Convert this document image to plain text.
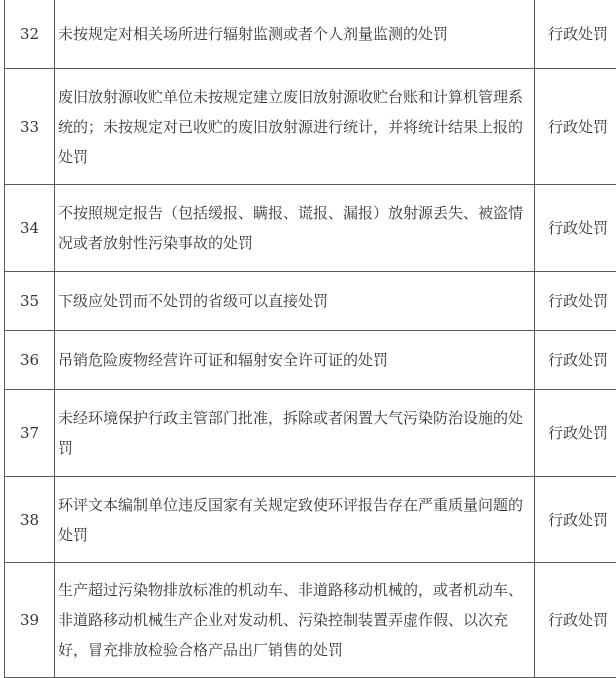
32	未按规定对相关场所进行辐射监测或者个人剂量监测的处罚	行政处罚
33	废旧放射源收贮单位未按规定建立废旧放射源收贮台账和计算机管理系统的；未按规定对已收贮的废旧放射源进行统计，并将统计结果上报的处罚	行政处罚
34	不按照规定报告（包括缓报、瞒报、谎报、漏报）放射源丢失、被盗情况或者放射性污染事故的处罚	行政处罚
35	下级应处罚而不处罚的省级可以直接处罚	行政处罚
36	吊销危险废物经营许可证和辐射安全许可证的处罚	行政处罚
37	未经环境保护行政主管部门批准，拆除或者闲置大气污染防治设施的处罚	行政处罚
38	环评文本编制单位违反国家有关规定致使环评报告存在严重质量问题的处罚	行政处罚
39	生产超过污染物排放标准的机动车、非道路移动机械的，或者机动车、非道路移动机械生产企业对发动机、污染控制装置弄虚作假、以次充好，冒充排放检验合格产品出厂销售的处罚	行政处罚
